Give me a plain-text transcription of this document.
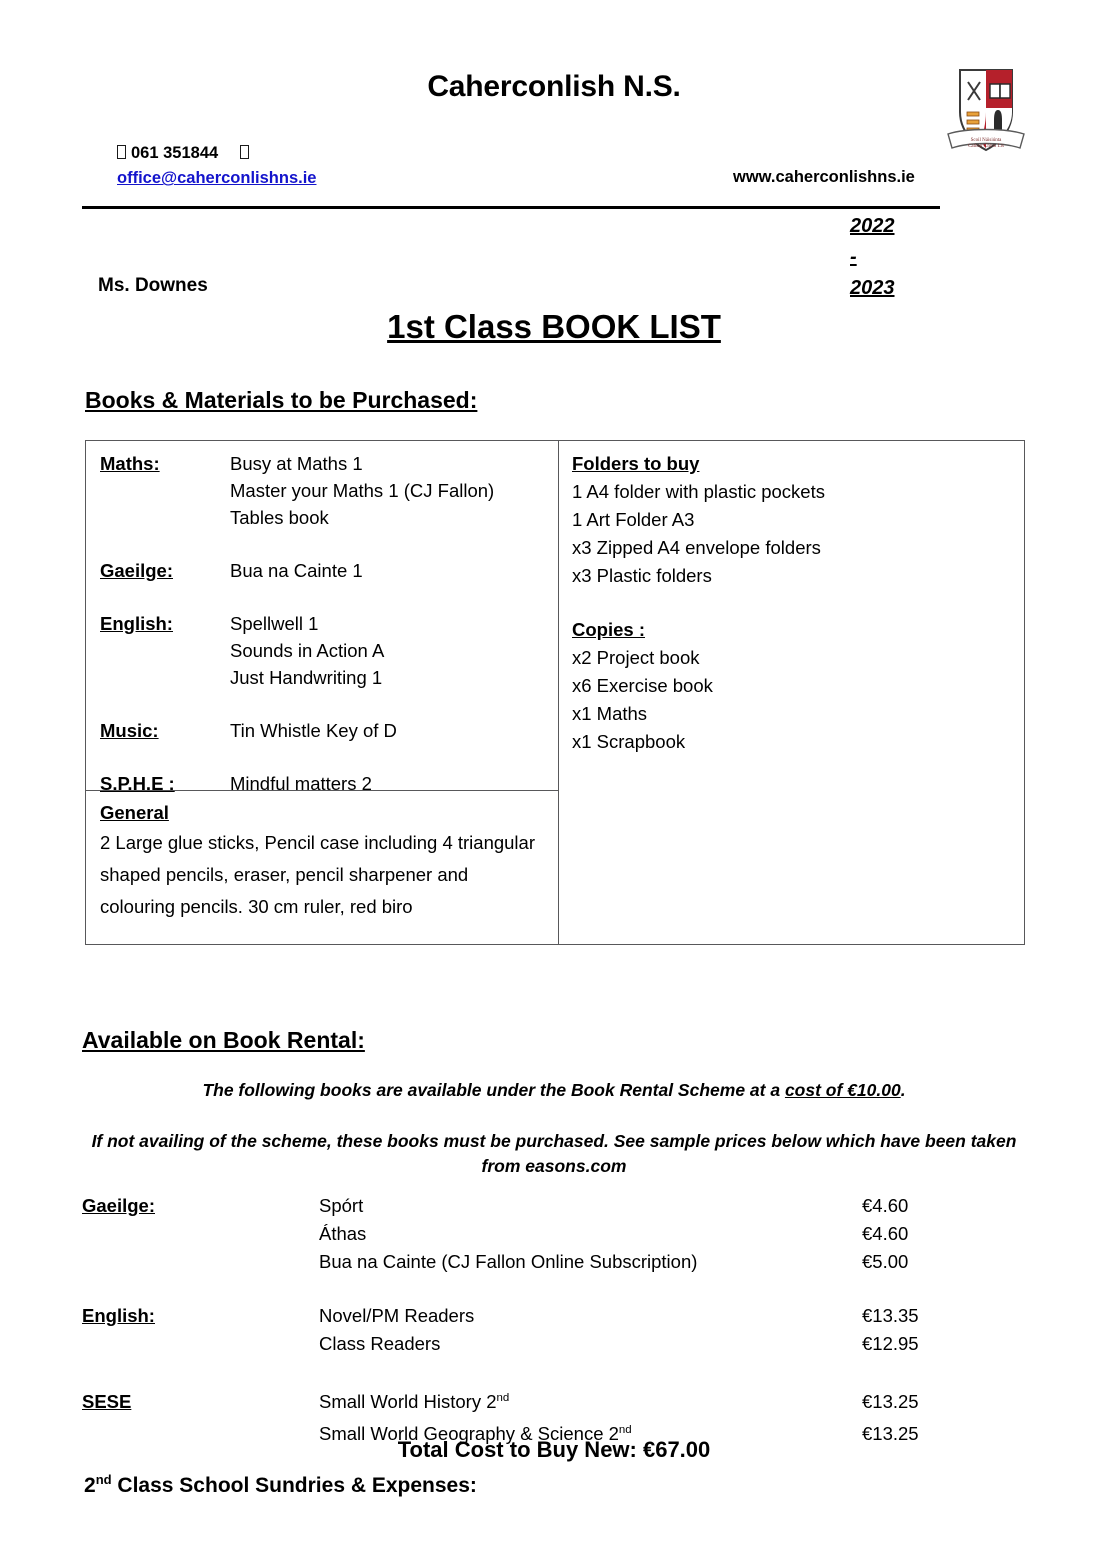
Caherconlish N.S.
Scoil Náisiúnta
Cathair Chinn Lis
061 351844
office@caherconlishns.ie	www.caherconlishns.ie
2022
-
2023
Ms. Downes
1st Class BOOK LIST
Books & Materials to be Purchased:
Maths:	Busy at Maths 1
Master your Maths 1 (CJ Fallon)
Tables book
Gaeilge:	Bua na Cainte 1
English:	Spellwell 1
Sounds in Action A
Just Handwriting 1
Music:	Tin Whistle Key of D
S.P.H.E :	Mindful matters 2
General
2 Large glue sticks, Pencil case including 4 triangular shaped pencils, eraser, pencil sharpener and colouring pencils. 30 cm ruler, red biro
Folders to buy
1 A4 folder with plastic pockets
1 Art Folder A3
x3 Zipped A4 envelope folders
x3 Plastic folders
Copies :
x2 Project book
x6 Exercise book
x1 Maths
x1 Scrapbook
Available on Book Rental:
The following books are available under the Book Rental Scheme at a cost of €10.00.
If not availing of the scheme, these books must be purchased. See sample prices below which have been taken from easons.com
Gaeilge:	Spórt	€4.60
Áthas	€4.60
Bua na Cainte (CJ Fallon Online Subscription)	€5.00
English:	Novel/PM Readers	€13.35
Class Readers	€12.95
SESE	Small World History 2nd	€13.25
Small World Geography & Science 2nd	€13.25
Total Cost to Buy New: €67.00
2nd Class School Sundries & Expenses:
